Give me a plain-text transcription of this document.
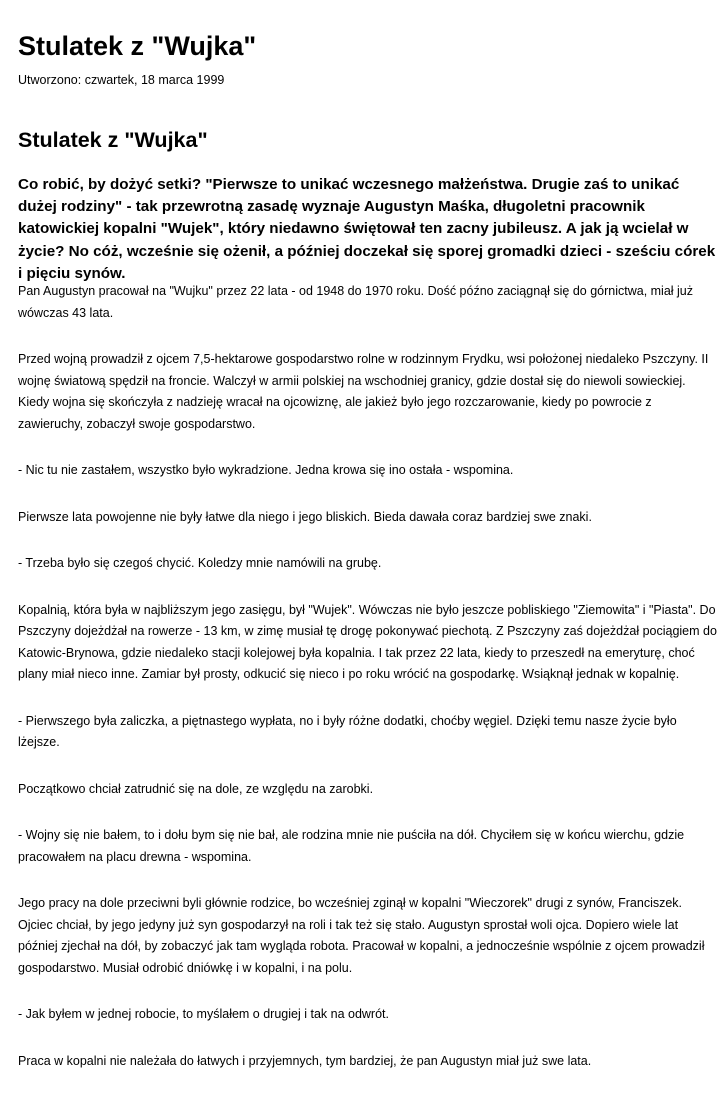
Stulatek z "Wujka"
Utworzono: czwartek, 18 marca 1999
Stulatek z "Wujka"

Co robić, by dożyć setki? "Pierwsze to unikać wczesnego małżeństwa. Drugie zaś to unikać dużej rodziny" - tak przewrotną zasadę wyznaje Augustyn Maśka, długoletni pracownik katowickiej kopalni "Wujek", który niedawno świętował ten zacny jubileusz. A jak ją wcielał w życie? No cóż, wcześnie się ożenił, a później doczekał się sporej gromadki dzieci - sześciu córek i pięciu synów.

Pan Augustyn pracował na "Wujku" przez 22 lata - od 1948 do 1970 roku. Dość późno zaciągnął się do górnictwa, miał już wówczas 43 lata.

Przed wojną prowadził z ojcem 7,5-hektarowe gospodarstwo rolne w rodzinnym Frydku, wsi położonej niedaleko Pszczyny. II wojnę światową spędził na froncie. Walczył w armii polskiej na wschodniej granicy, gdzie dostał się do niewoli sowieckiej. Kiedy wojna się skończyła z nadzieję wracał na ojcowiznę, ale jakież było jego rozczarowanie, kiedy po powrocie z zawieruchy, zobaczył swoje gospodarstwo.

- Nic tu nie zastałem, wszystko było wykradzione. Jedna krowa się ino ostała - wspomina.

Pierwsze lata powojenne nie były łatwe dla niego i jego bliskich. Bieda dawała coraz bardziej swe znaki.

- Trzeba było się czegoś chycić. Koledzy mnie namówili na grubę.

Kopalnią, która była w najbliższym jego zasięgu, był "Wujek". Wówczas nie było jeszcze pobliskiego "Ziemowita" i "Piasta". Do Pszczyny dojeżdżał na rowerze - 13 km, w zimę musiał tę drogę pokonywać piechotą. Z Pszczyny zaś dojeżdżał pociągiem do Katowic-Brynowa, gdzie niedaleko stacji kolejowej była kopalnia. I tak przez 22 lata, kiedy to przeszedł na emeryturę, choć plany miał nieco inne. Zamiar był prosty, odkucić się nieco i po roku wrócić na gospodarkę. Wsiąknął jednak w kopalnię.

- Pierwszego była zaliczka, a piętnastego wypłata, no i były różne dodatki, choćby węgiel. Dzięki temu nasze życie było lżejsze.

Początkowo chciał zatrudnić się na dole, ze względu na zarobki.

- Wojny się nie bałem, to i dołu bym się nie bał, ale rodzina mnie nie puściła na dół. Chyciłem się w końcu wierchu, gdzie pracowałem na placu drewna - wspomina.

Jego pracy na dole przeciwni byli głównie rodzice, bo wcześniej zginął w kopalni "Wieczorek" drugi z synów, Franciszek. Ojciec chciał, by jego jedyny już syn gospodarzył na roli i tak też się stało. Augustyn sprostał woli ojca. Dopiero wiele lat później zjechał na dół, by zobaczyć jak tam wygląda robota. Pracował w kopalni, a jednocześnie wspólnie z ojcem prowadził gospodarstwo. Musiał odrobić dniówkę i w kopalni, i na polu.

- Jak byłem w jednej robocie, to myślałem o drugiej i tak na odwrót.

Praca w kopalni nie należała do łatwych i przyjemnych, tym bardziej, że pan Augustyn miał już swe lata.
